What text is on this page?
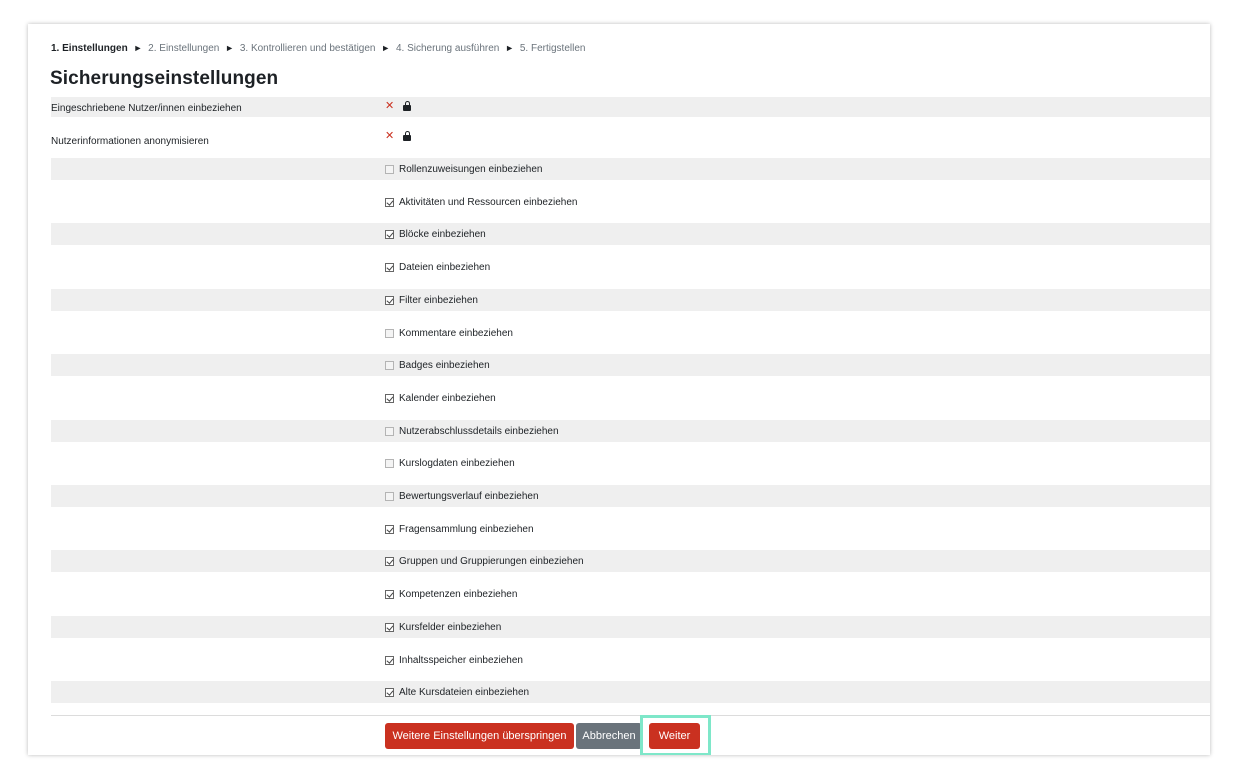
1. Einstellungen ► 2. Einstellungen ► 3. Kontrollieren und bestätigen ► 4. Sicherung ausführen ► 5. Fertigstellen
Sicherungseinstellungen
Eingeschriebene Nutzer/innen einbeziehen	✕
Nutzerinformationen anonymisieren	✕
Rollenzuweisungen einbeziehen
Aktivitäten und Ressourcen einbeziehen
Blöcke einbeziehen
Dateien einbeziehen
Filter einbeziehen
Kommentare einbeziehen
Badges einbeziehen
Kalender einbeziehen
Nutzerabschlussdetails einbeziehen
Kurslogdaten einbeziehen
Bewertungsverlauf einbeziehen
Fragensammlung einbeziehen
Gruppen und Gruppierungen einbeziehen
Kompetenzen einbeziehen
Kursfelder einbeziehen
Inhaltsspeicher einbeziehen
Alte Kursdateien einbeziehen
Weitere Einstellungen überspringen	Abbrechen	Weiter
